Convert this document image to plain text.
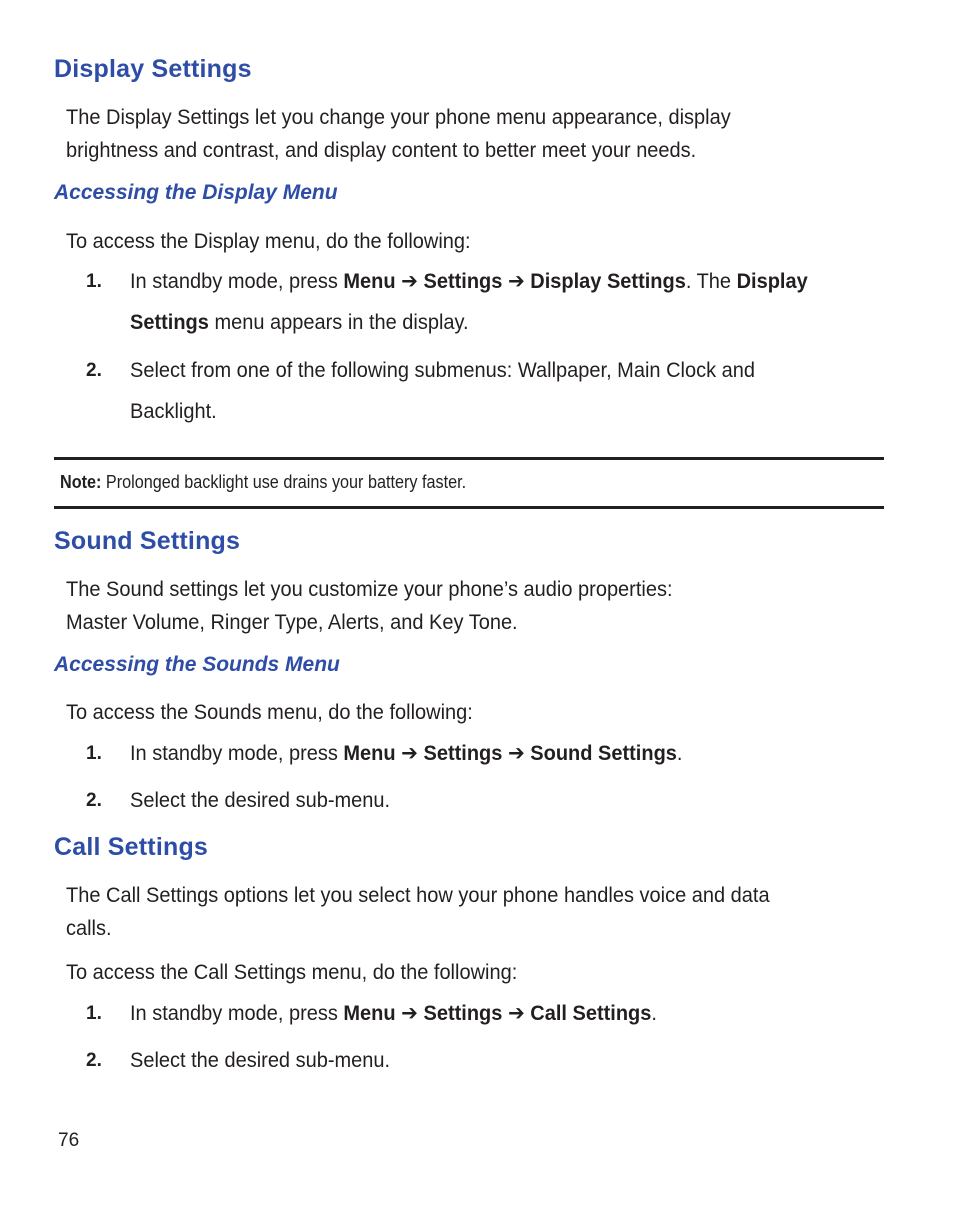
Display Settings
The Display Settings let you change your phone menu appearance, display
brightness and contrast, and display content to better meet your needs.
Accessing the Display Menu
To access the Display menu, do the following:
1. In standby mode, press Menu ➔ Settings ➔ Display Settings. The Display
Settings menu appears in the display.
2. Select from one of the following submenus: Wallpaper, Main Clock and
Backlight.
Note: Prolonged backlight use drains your battery faster.
Sound Settings
The Sound settings let you customize your phone’s audio properties:
Master Volume, Ringer Type, Alerts, and Key Tone.
Accessing the Sounds Menu
To access the Sounds menu, do the following:
1. In standby mode, press Menu ➔ Settings ➔ Sound Settings.
2. Select the desired sub-menu.
Call Settings
The Call Settings options let you select how your phone handles voice and data
calls.
To access the Call Settings menu, do the following:
1. In standby mode, press Menu ➔ Settings ➔ Call Settings.
2. Select the desired sub-menu.
76
